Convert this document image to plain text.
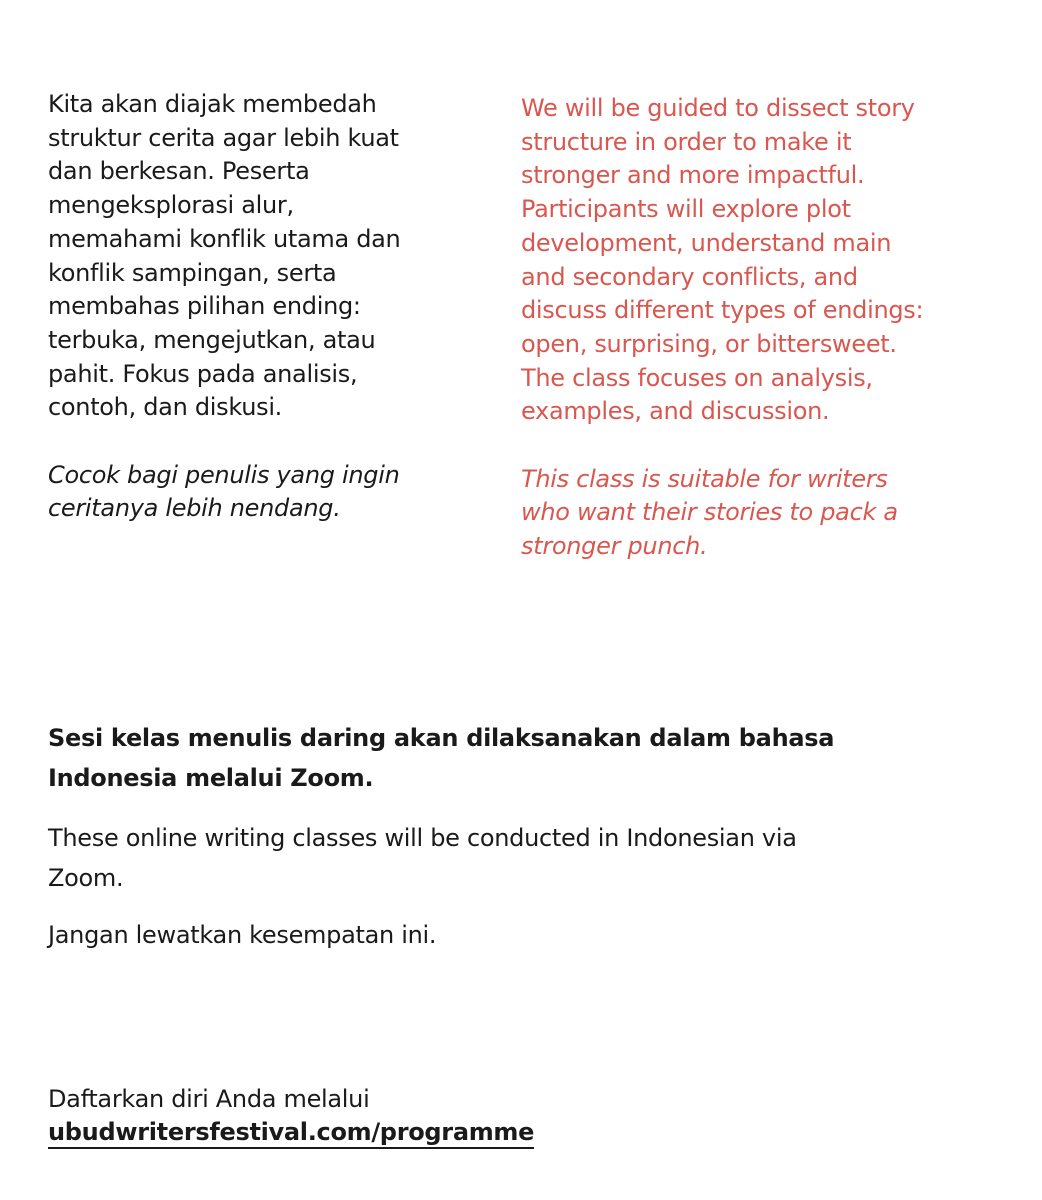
Kita akan diajak membedah
struktur cerita agar lebih kuat
dan berkesan. Peserta
mengeksplorasi alur,
memahami konflik utama dan
konflik sampingan, serta
membahas pilihan ending:
terbuka, mengejutkan, atau
pahit. Fokus pada analisis,
contoh, dan diskusi.

Cocok bagi penulis yang ingin
ceritanya lebih nendang.

We will be guided to dissect story
structure in order to make it
stronger and more impactful.
Participants will explore plot
development, understand main
and secondary conflicts, and
discuss different types of endings:
open, surprising, or bittersweet.
The class focuses on analysis,
examples, and discussion.

This class is suitable for writers
who want their stories to pack a
stronger punch.

Sesi kelas menulis daring akan dilaksanakan dalam bahasa
Indonesia melalui Zoom.

These online writing classes will be conducted in Indonesian via
Zoom.

Jangan lewatkan kesempatan ini.

Daftarkan diri Anda melalui

ubudwritersfestival.com/programme
